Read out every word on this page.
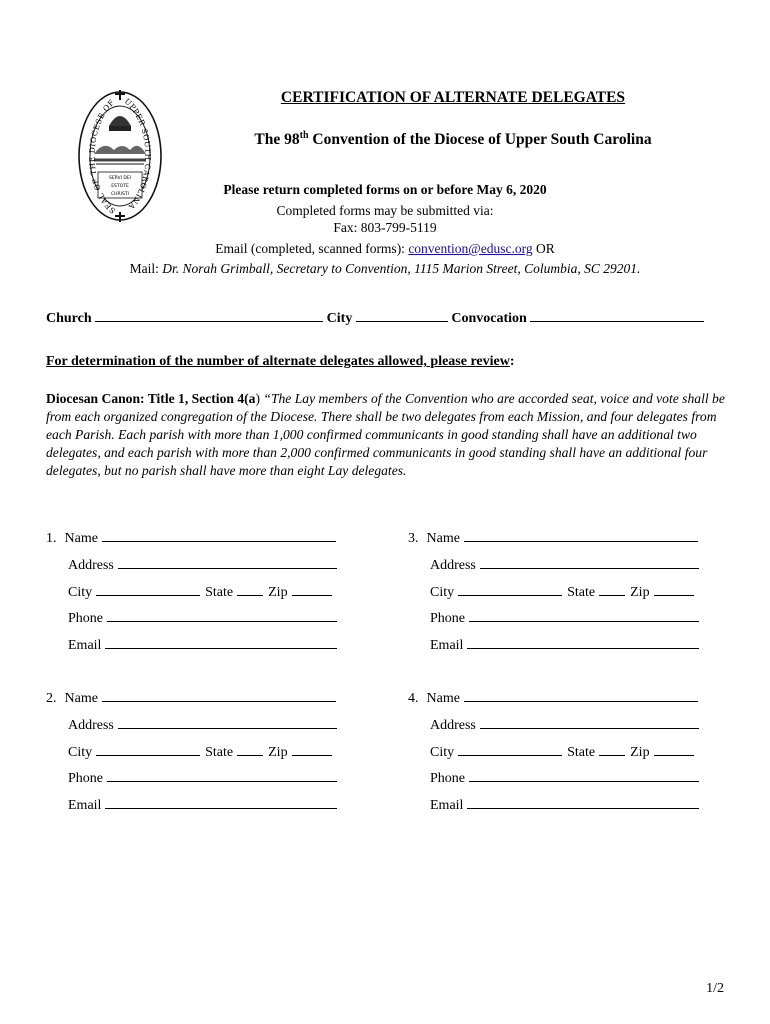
SERVI DEI
ESTOTE
CHRISTI
SEAL OF THE DIOCESE OF UPPER SOUTH CAROLINA
CERTIFICATION OF ALTERNATE DELEGATES
The 98th Convention of the Diocese of Upper South Carolina
Please return completed forms on or before May 6, 2020
Completed forms may be submitted via:
Fax: 803-799-5119
Email (completed, scanned forms): convention@edusc.org OR
Mail: Dr. Norah Grimball, Secretary to Convention, 1115 Marion Street, Columbia, SC 29201.
Church	City	Convocation
For determination of the number of alternate delegates allowed, please review:
Diocesan Canon: Title 1, Section 4(a) “The Lay members of the Convention who are accorded seat, voice and vote shall be from each organized congregation of the Diocese. There shall be two delegates from each Mission, and four delegates from each Parish. Each parish with more than 1,000 confirmed communicants in good standing shall have an additional two delegates, and each parish with more than 2,000 confirmed communicants in good standing shall have an additional four delegates, but no parish shall have more than eight Lay delegates.
1. Name
Address
City	State	Zip
Phone
Email
2. Name
Address
City	State	Zip
Phone
Email
3. Name
Address
City	State	Zip
Phone
Email
4. Name
Address
City	State	Zip
Phone
Email
1/2
